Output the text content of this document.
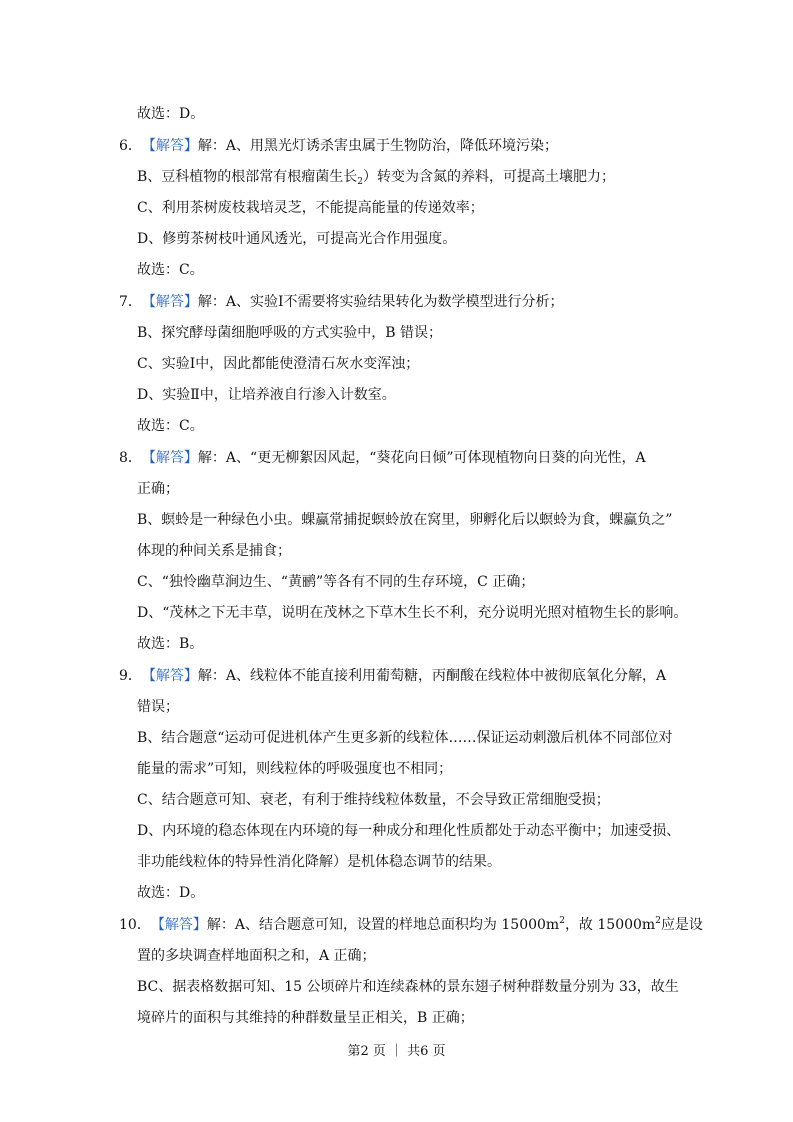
故选：D。
6．【解答】解：A、用黑光灯诱杀害虫属于生物防治，降低环境污染；
B、豆科植物的根部常有根瘤菌生长$_2$）转变为含氮的养料，可提高土壤肥力；
C、利用茶树废枝栽培灵芝，不能提高能量的传递效率；
D、修剪茶树枝叶通风透光，可提高光合作用强度。
故选：C。
7．【解答】解：A、实验Ⅰ不需要将实验结果转化为数学模型进行分析；
B、探究酵母菌细胞呼吸的方式实验中，B 错误；
C、实验Ⅰ中，因此都能使澄清石灰水变浑浊；
D、实验Ⅱ中，让培养液自行渗入计数室。
故选：C。
8．【解答】解：A、“更无柳絮因风起，“葵花向日倾”可体现植物向日葵的向光性，A
正确；
B、螟蛉是一种绿色小虫。蜾蠃常捕捉螟蛉放在窝里，卵孵化后以螟蛉为食，蜾蠃负之”
体现的种间关系是捕食；
C、“独怜幽草涧边生、“黄鹂”等各有不同的生存环境，C 正确；
D、“茂林之下无丰草，说明在茂林之下草木生长不利，充分说明光照对植物生长的影响。
故选：B。
9．【解答】解：A、线粒体不能直接利用葡萄糖，丙酮酸在线粒体中被彻底氧化分解，A
错误；
B、结合题意“运动可促进机体产生更多新的线粒体……保证运动刺激后机体不同部位对
能量的需求”可知，则线粒体的呼吸强度也不相同；
C、结合题意可知、衰老，有利于维持线粒体数量，不会导致正常细胞受损；
D、内环境的稳态体现在内环境的每一种成分和理化性质都处于动态平衡中；加速受损、
非功能线粒体的特异性消化降解）是机体稳态调节的结果。
故选：D。
10．【解答】解：A、结合题意可知，设置的样地总面积均为 $15000m^2$，故 $15000m^2$应是设
置的多块调查样地面积之和，A 正确；
BC、据表格数据可知、15 公顷碎片和连续森林的景东翅子树种群数量分别为 33，故生
境碎片的面积与其维持的种群数量呈正相关，B 正确；
第2 页 ｜ 共6 页
